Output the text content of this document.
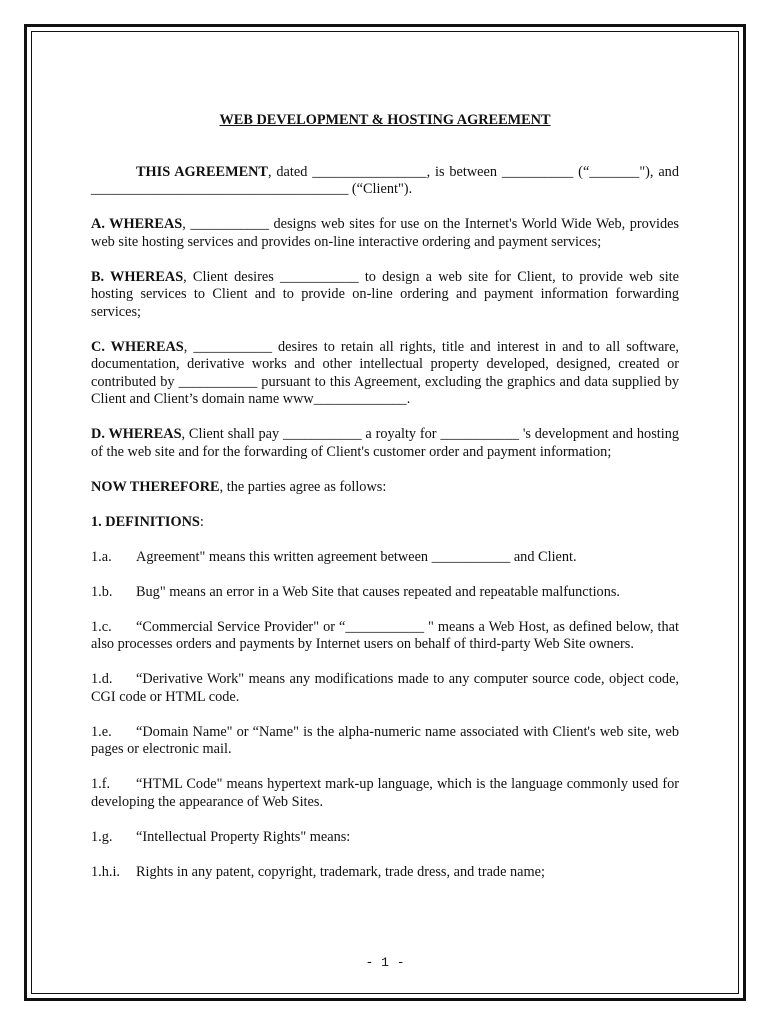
WEB DEVELOPMENT & HOSTING AGREEMENT

THIS AGREEMENT, dated ________________, is between __________ (“_______"), and ____________________________________ (“Client").

A. WHEREAS, ___________ designs web sites for use on the Internet's World Wide Web, provides web site hosting services and provides on-line interactive ordering and payment services;

B. WHEREAS, Client desires ___________ to design a web site for Client, to provide web site hosting services to Client and to provide on-line ordering and payment information forwarding services;

C. WHEREAS, ___________ desires to retain all rights, title and interest in and to all software, documentation, derivative works and other intellectual property developed, designed, created or contributed by ___________ pursuant to this Agreement, excluding the graphics and data supplied by Client and Client’s domain name www_____________.

D. WHEREAS, Client shall pay ___________ a royalty for ___________ 's development and hosting of the web site and for the forwarding of Client's customer order and payment information;

NOW THEREFORE, the parties agree as follows:

1. DEFINITIONS:

1.a. Agreement" means this written agreement between ___________ and Client.

1.b. Bug" means an error in a Web Site that causes repeated and repeatable malfunctions.

1.c. “Commercial Service Provider" or “___________ " means a Web Host, as defined below, that also processes orders and payments by Internet users on behalf of third-party Web Site owners.

1.d. “Derivative Work" means any modifications made to any computer source code, object code, CGI code or HTML code.

1.e. “Domain Name" or “Name" is the alpha-numeric name associated with Client's web site, web pages or electronic mail.

1.f. “HTML Code" means hypertext mark-up language, which is the language commonly used for developing the appearance of Web Sites.

1.g. “Intellectual Property Rights" means:

1.h.i. Rights in any patent, copyright, trademark, trade dress, and trade name;

- 1 -
